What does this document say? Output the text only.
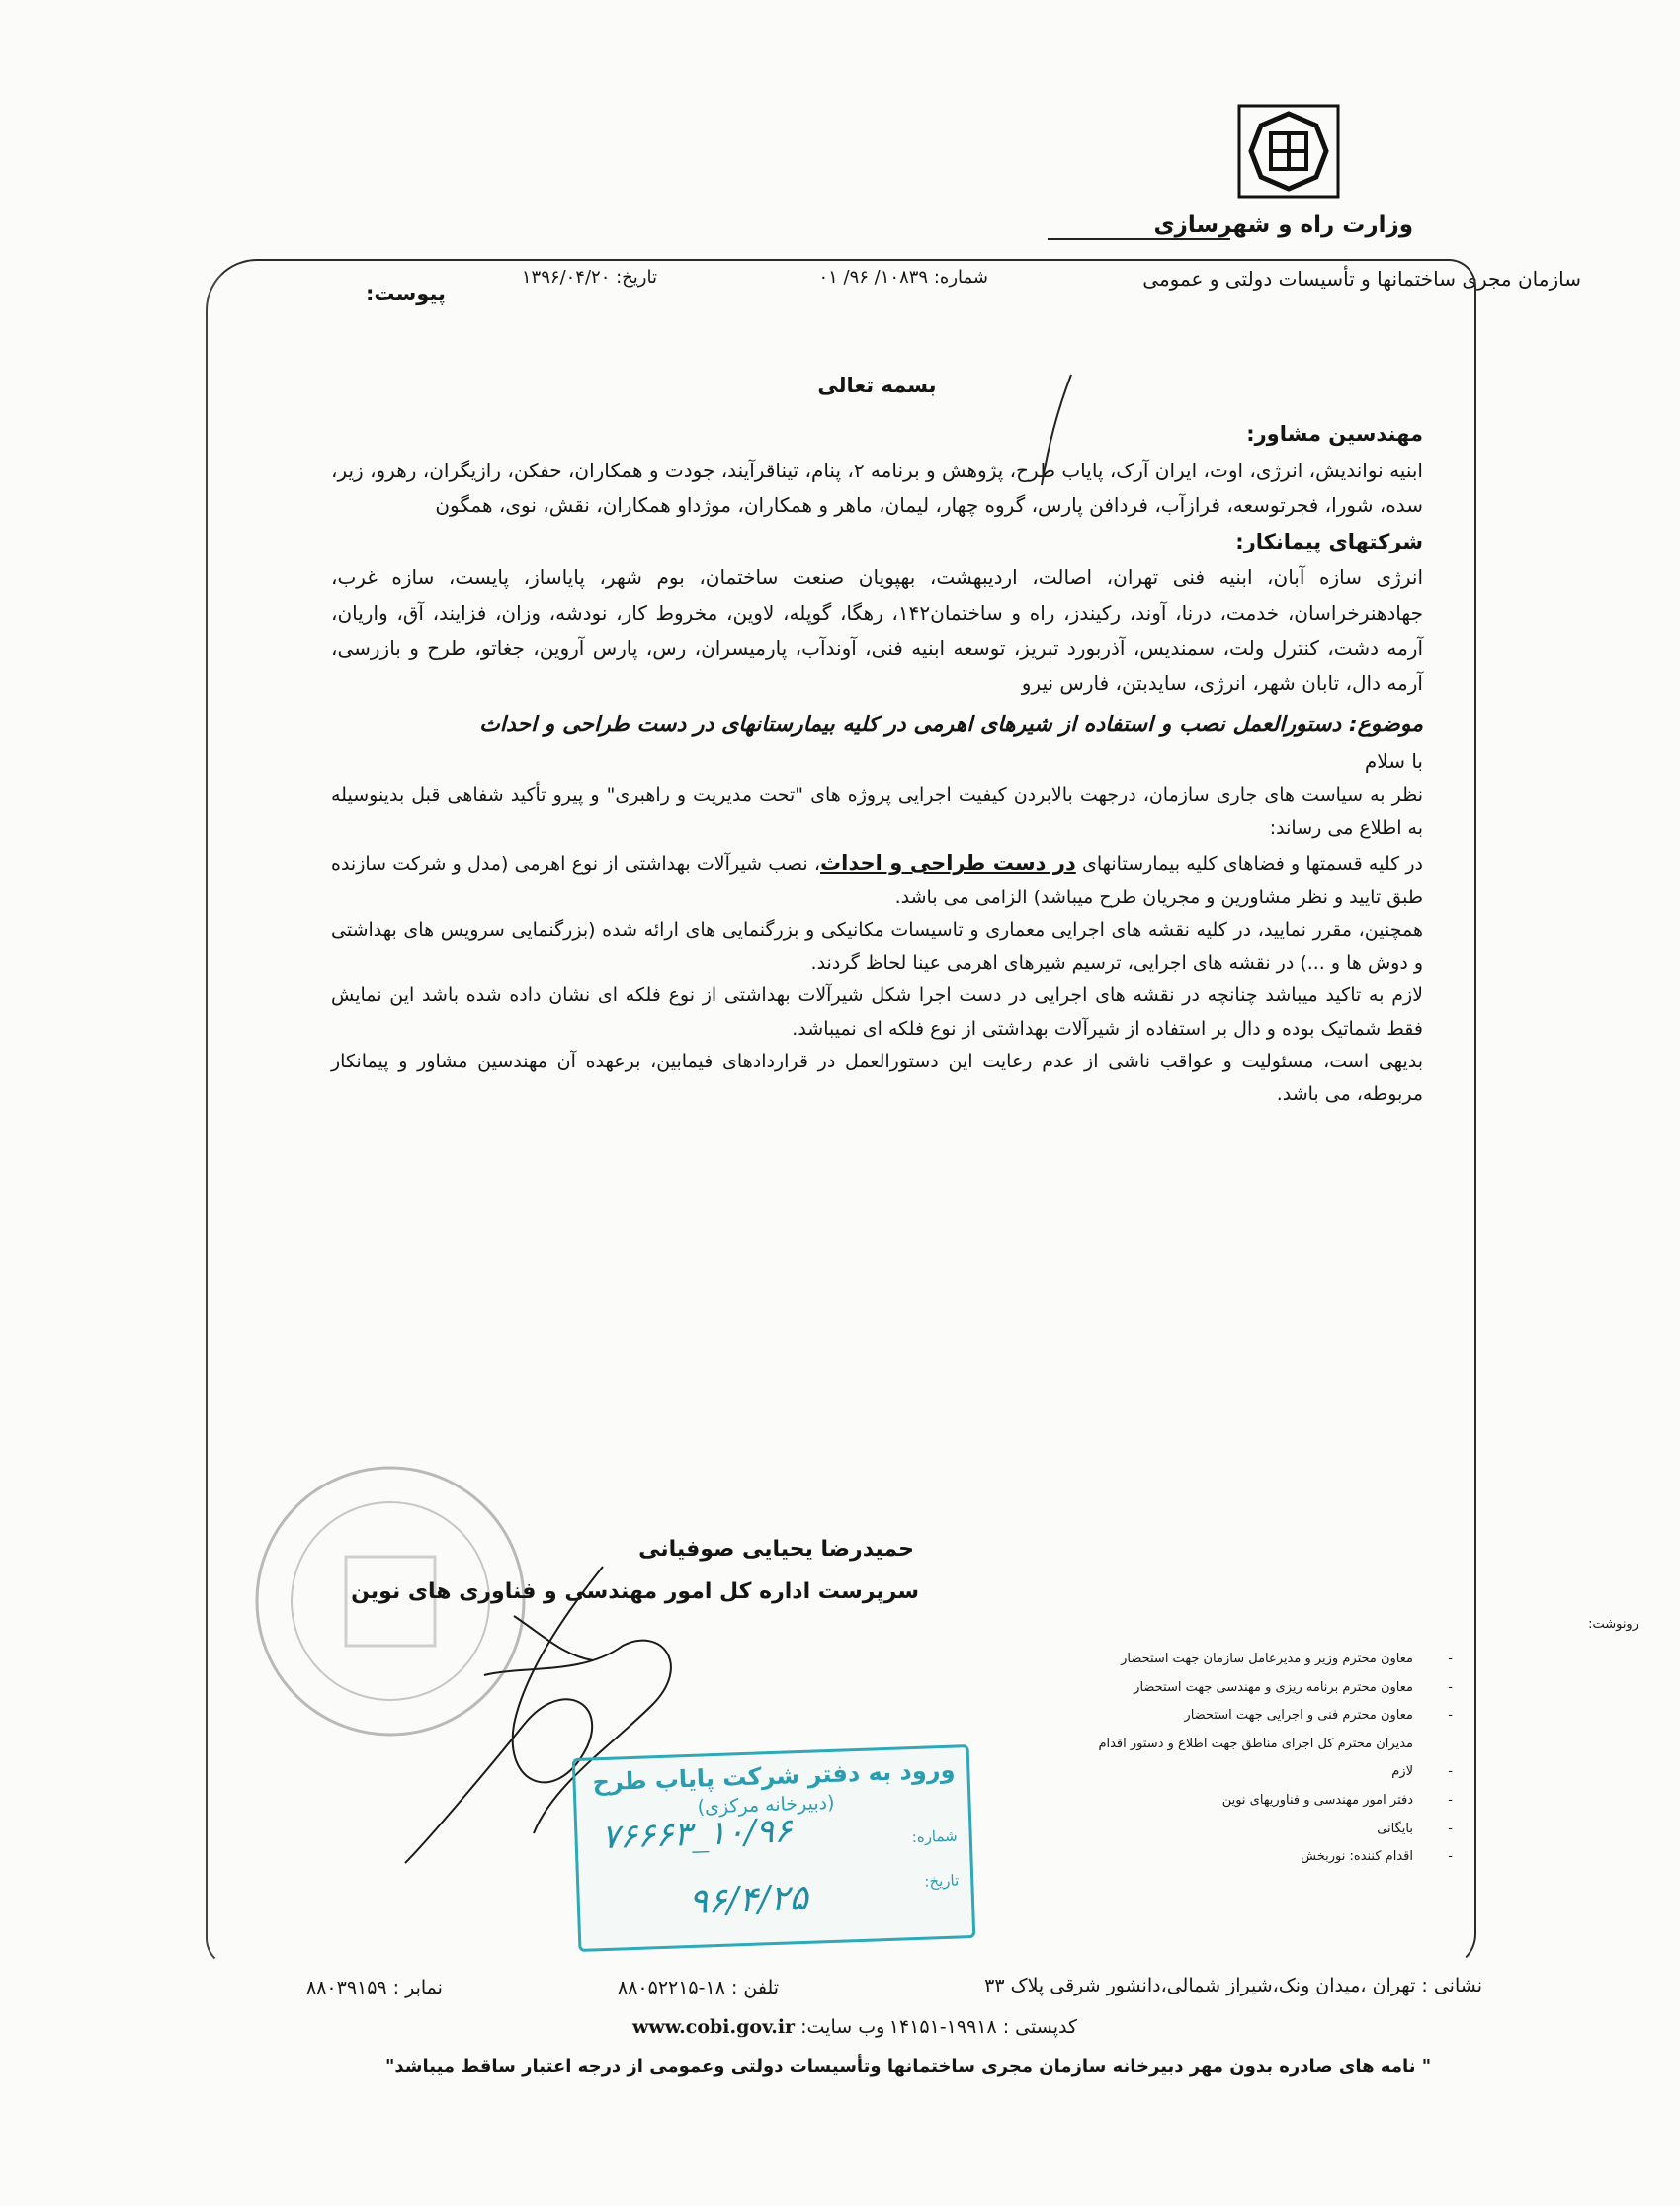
وزارت راه و شهرسازی
سازمان مجری ساختمانها و تأسیسات دولتی و عمومی
شماره: ۱۰۸۳۹/ ۹۶/ ۰۱
تاریخ: ۱۳۹۶/۰۴/۲۰
پیوست:

بسمه تعالی

مهندسین مشاور:

ابنیه نواندیش، انرژی، اوت، ایران آرک، پایاب طرح، پژوهش و برنامه ۲، پنام، تیناقرآیند، جودت و همکاران، حفکن، رازیگران، رهرو، زیر، سده، شورا، فجرتوسعه، فرازآب، فردافن پارس، گروه چهار، لیمان، ماهر و همکاران، موژداو همکاران، نقش، نوی، همگون

شرکتهای پیمانکار:

انرژی سازه آبان، ابنیه فنی تهران، اصالت، اردیبهشت، بهپویان صنعت ساختمان، بوم شهر، پایاساز، پایست، سازه غرب، جهادهنرخراسان، خدمت، درنا، آوند، رکیندز، راه و ساختمان۱۴۲، رهگا، گوپله، لاوین، مخروط کار، نودشه، وزان، فزایند، آق، واریان، آرمه دشت، کنترل ولت، سمندیس، آذربورد تبریز، توسعه ابنیه فنی، آوندآب، پارمیسران، رس، پارس آروین، جغاتو، طرح و بازرسی، آرمه دال، تابان شهر، انرژی، سایدبتن، فارس نیرو

موضوع: دستورالعمل نصب و استفاده از شیرهای اهرمی در کلیه بیمارستانهای در دست طراحی و احداث

با سلام

نظر به سیاست های جاری سازمان، درجهت بالابردن کیفیت اجرایی پروژه های "تحت مدیریت و راهبری" و پیرو تأکید شفاهی قبل بدینوسیله به اطلاع می رساند:

در کلیه قسمتها و فضاهای کلیه بیمارستانهای در دست طراحی و احداث، نصب شیرآلات بهداشتی از نوع اهرمی (مدل و شرکت سازنده طبق تایید و نظر مشاورین و مجریان طرح میباشد) الزامی می باشد.

همچنین، مقرر نمایید، در کلیه نقشه های اجرایی معماری و تاسیسات مکانیکی و بزرگنمایی های ارائه شده (بزرگنمایی سرویس های بهداشتی و دوش ها و ...) در نقشه های اجرایی، ترسیم شیرهای اهرمی عینا لحاظ گردند.

لازم به تاکید میباشد چنانچه در نقشه های اجرایی در دست اجرا شکل شیرآلات بهداشتی از نوع فلکه ای نشان داده شده باشد این نمایش فقط شماتیک بوده و دال بر استفاده از شیرآلات بهداشتی از نوع فلکه ای نمیباشد.

بدیهی است، مسئولیت و عواقب ناشی از عدم رعایت این دستورالعمل در قراردادهای فیمابین، برعهده آن مهندسین مشاور و پیمانکار مربوطه، می باشد.

حمیدرضا یحیایی صوفیانی
سرپرست اداره کل امور مهندسی و فناوری های نوین
رونوشت:
معاون محترم وزیر و مدیرعامل سازمان جهت استحضار -
معاون محترم برنامه ریزی و مهندسی جهت استحضار -
معاون محترم فنی و اجرایی جهت استحضار -
مدیران محترم کل اجرای مناطق جهت اطلاع و دستور اقدام لازم -
دفتر امور مهندسی و فناوریهای نوین -
بایگانی -
اقدام کننده: نوربخش -
ورود به دفتر شرکت پایاب طرح
(دبیرخانه مرکزی)
شماره:
۱۰/۹۶_۷۶۶۶۳
تاریخ:
۹۶/۴/۲۵
نشانی : تهران ،میدان ونک،شیراز شمالی،دانشور شرقی پلاک ۳۳
تلفن : ۱۸-۸۸۰۵۲۲۱۵
نمابر : ۸۸۰۳۹۱۵۹
کدپستی : ۱۹۹۱۸-۱۴۱۵۱
www.cobi.gov.ir وب سایت:
" نامه های صادره بدون مهر دبیرخانه سازمان مجری ساختمانها وتأسیسات دولتی وعمومی از درجه اعتبار ساقط میباشد"
